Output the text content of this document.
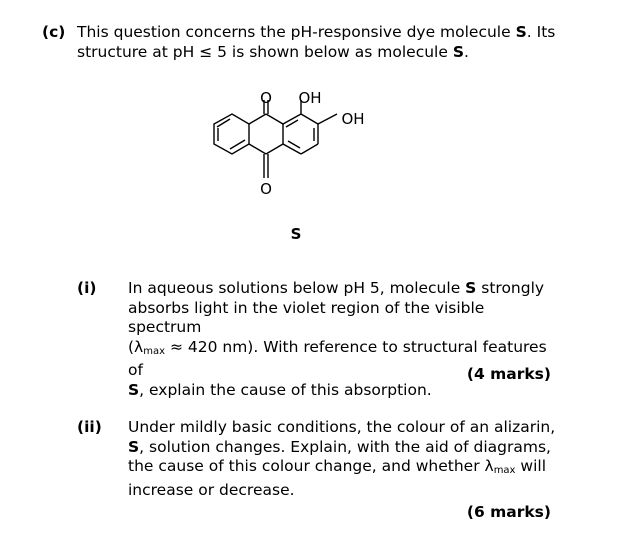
(c) This question concerns the pH-responsive dye molecule S. Its
structure at pH ≤ 5 is shown below as molecule S.
O OH
OH
O
S
(i) In aqueous solutions below pH 5, molecule S strongly
absorbs light in the violet region of the visible spectrum
($\lambda_{max} \approx 420$ nm). With reference to structural features of
S, explain the cause of this absorption.
(4 marks)
(ii) Under mildly basic conditions, the colour of an alizarin,
S, solution changes. Explain, with the aid of diagrams,
the cause of this colour change, and whether $\lambda_{max}$ will
increase or decrease.
(6 marks)
